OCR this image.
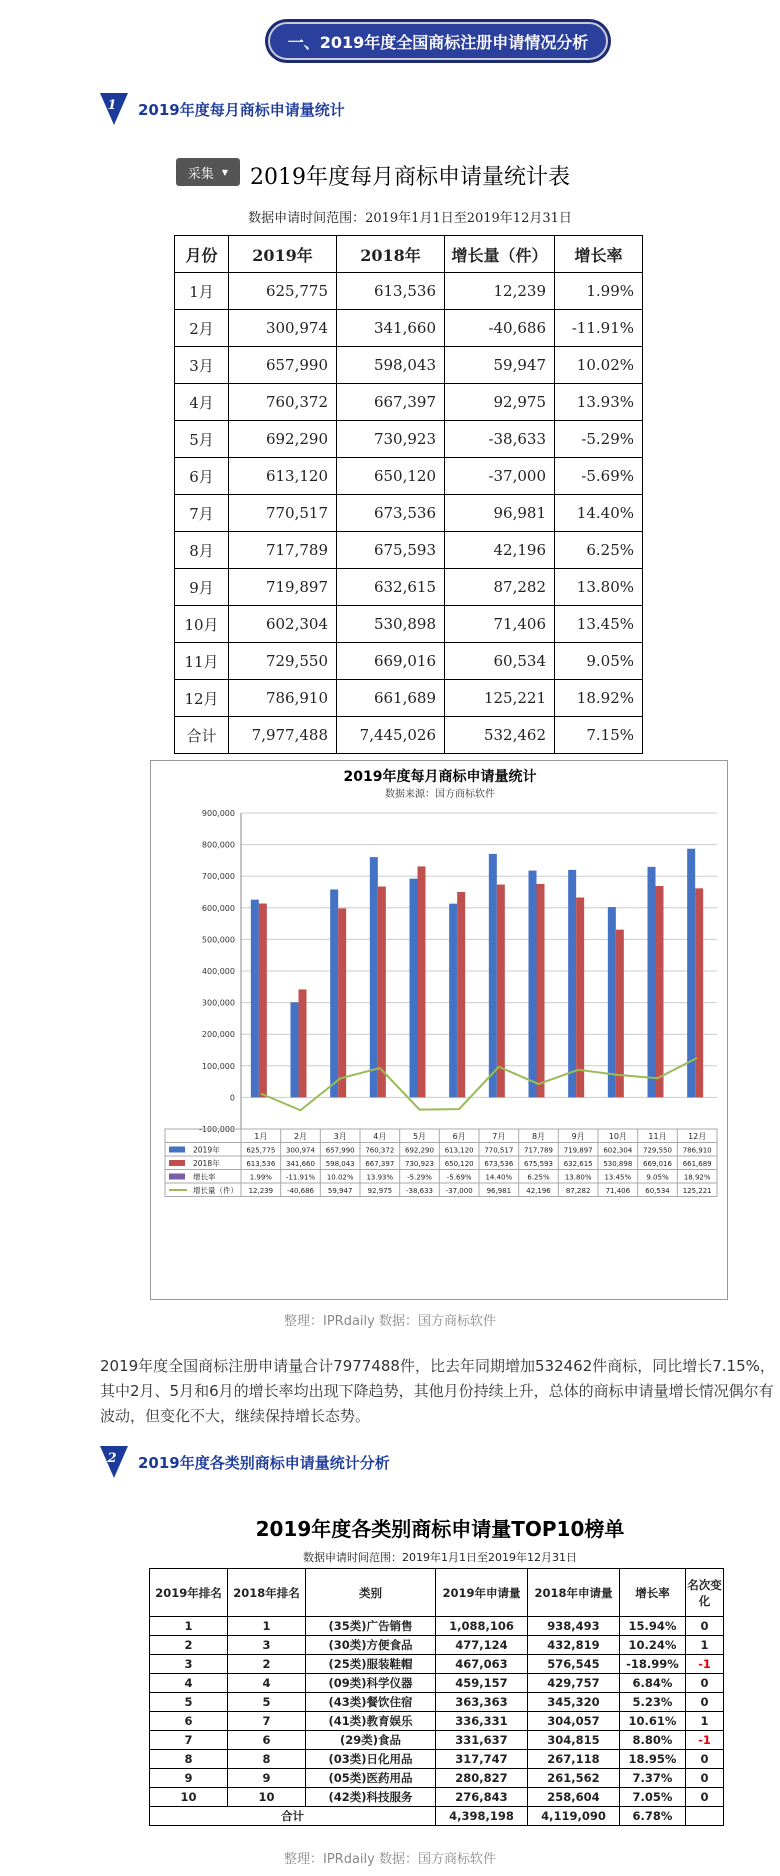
一、2019年度全国商标注册申请情况分析
1 2019年度每月商标申请量统计
采集 ▼ 2019年度每月商标申请量统计表
数据申请时间范围：2019年1月1日至2019年12月31日
月份	2019年	2018年	增长量（件）	增长率
1月	625,775	613,536	12,239	1.99%
2月	300,974	341,660	-40,686	-11.91%
3月	657,990	598,043	59,947	10.02%
4月	760,372	667,397	92,975	13.93%
5月	692,290	730,923	-38,633	-5.29%
6月	613,120	650,120	-37,000	-5.69%
7月	770,517	673,536	96,981	14.40%
8月	717,789	675,593	42,196	6.25%
9月	719,897	632,615	87,282	13.80%
10月	602,304	530,898	71,406	13.45%
11月	729,550	669,016	60,534	9.05%
12月	786,910	661,689	125,221	18.92%
合计	7,977,488	7,445,026	532,462	7.15%
2019年度每月商标申请量统计
数据来源：国方商标软件
-100,000
0
100,000
200,000
300,000
400,000
500,000
600,000
700,000
800,000
900,000
1月	2月	3月	4月	5月	6月	7月	8月	9月	10月	11月	12月
2019年	625,775 300,974 657,990 760,372 692,290 613,120 770,517 717,789 719,897 602,304 729,550 786,910
2018年	613,536 341,660 598,043 667,397 730,923 650,120 673,536 675,593 632,615 530,898 669,016 661,689
增长率	1.99% -11.91% 10.02% 13.93% -5.29% -5.69% 14.40% 6.25% 13.80% 13.45% 9.05% 18.92%
增长量（件） 12,239 -40,686 59,947 92,975 -38,633 -37,000 96,981 42,196 87,282 71,406 60,534 125,221
整理：IPRdaily 数据：国方商标软件
2019年度全国商标注册申请量合计7977488件，比去年同期增加532462件商标，同比增长7.15%，其中2月、5月和6月的增长率均出现下降趋势，其他月份持续上升，总体的商标申请量增长情况偶尔有波动，但变化不大，继续保持增长态势。
2 2019年度各类别商标申请量统计分析
2019年度各类别商标申请量TOP10榜单
数据申请时间范围：2019年1月1日至2019年12月31日
2019年排名	2018年排名	类别	2019年申请量	2018年申请量	增长率	名次变化
1	1	(35类)广告销售	1,088,106	938,493	15.94%	0
2	3	(30类)方便食品	477,124	432,819	10.24%	1
3	2	(25类)服装鞋帽	467,063	576,545	-18.99%	-1
4	4	(09类)科学仪器	459,157	429,757	6.84%	0
5	5	(43类)餐饮住宿	363,363	345,320	5.23%	0
6	7	(41类)教育娱乐	336,331	304,057	10.61%	1
7	6	(29类)食品	331,637	304,815	8.80%	-1
8	8	(03类)日化用品	317,747	267,118	18.95%	0
9	9	(05类)医药用品	280,827	261,562	7.37%	0
10	10	(42类)科技服务	276,843	258,604	7.05%	0
合计			4,398,198	4,119,090	6.78%	
整理：IPRdaily 数据：国方商标软件
